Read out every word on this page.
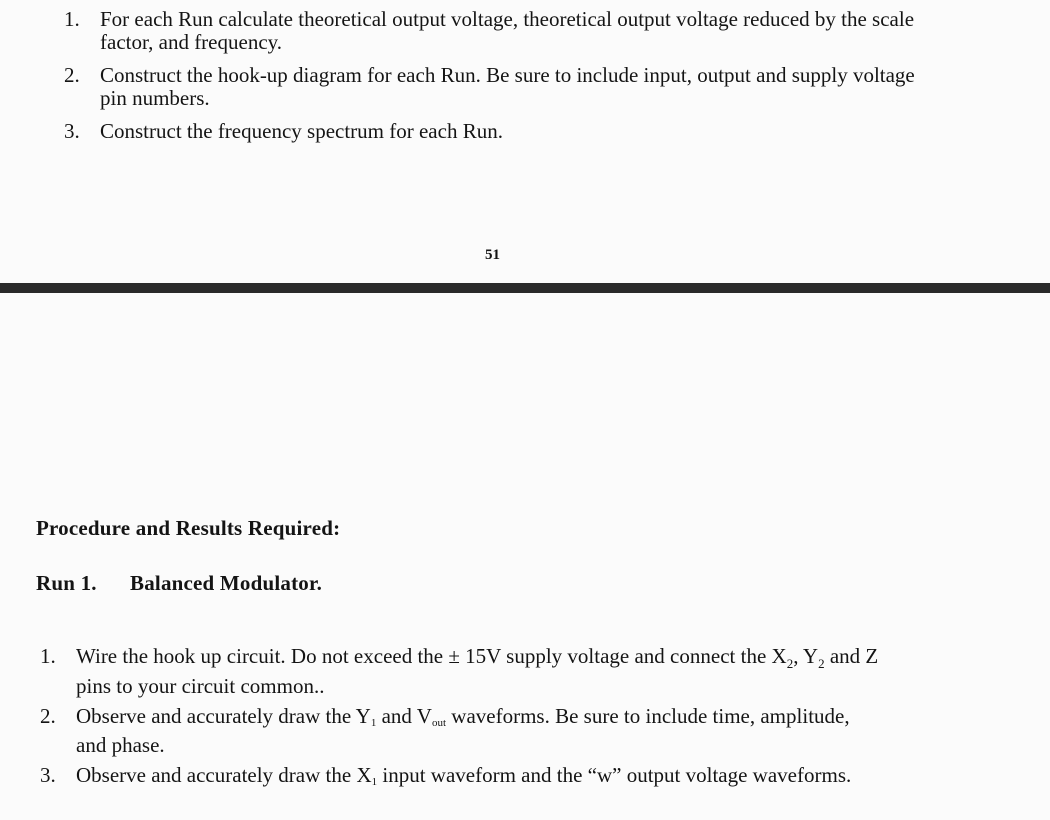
1. For each Run calculate theoretical output voltage, theoretical output voltage reduced by the scale factor, and frequency.
2. Construct the hook-up diagram for each Run. Be sure to include input, output and supply voltage pin numbers.
3. Construct the frequency spectrum for each Run.
51
Procedure and Results Required:
Run 1. Balanced Modulator.
1. Wire the hook up circuit. Do not exceed the ± 15V supply voltage and connect the $X_2$, $Y_2$ and Z pins to your circuit common..
2. Observe and accurately draw the $Y_1$ and $V_{out}$ waveforms. Be sure to include time, amplitude, and phase.
3. Observe and accurately draw the $X_1$ input waveform and the “w” output voltage waveforms.
